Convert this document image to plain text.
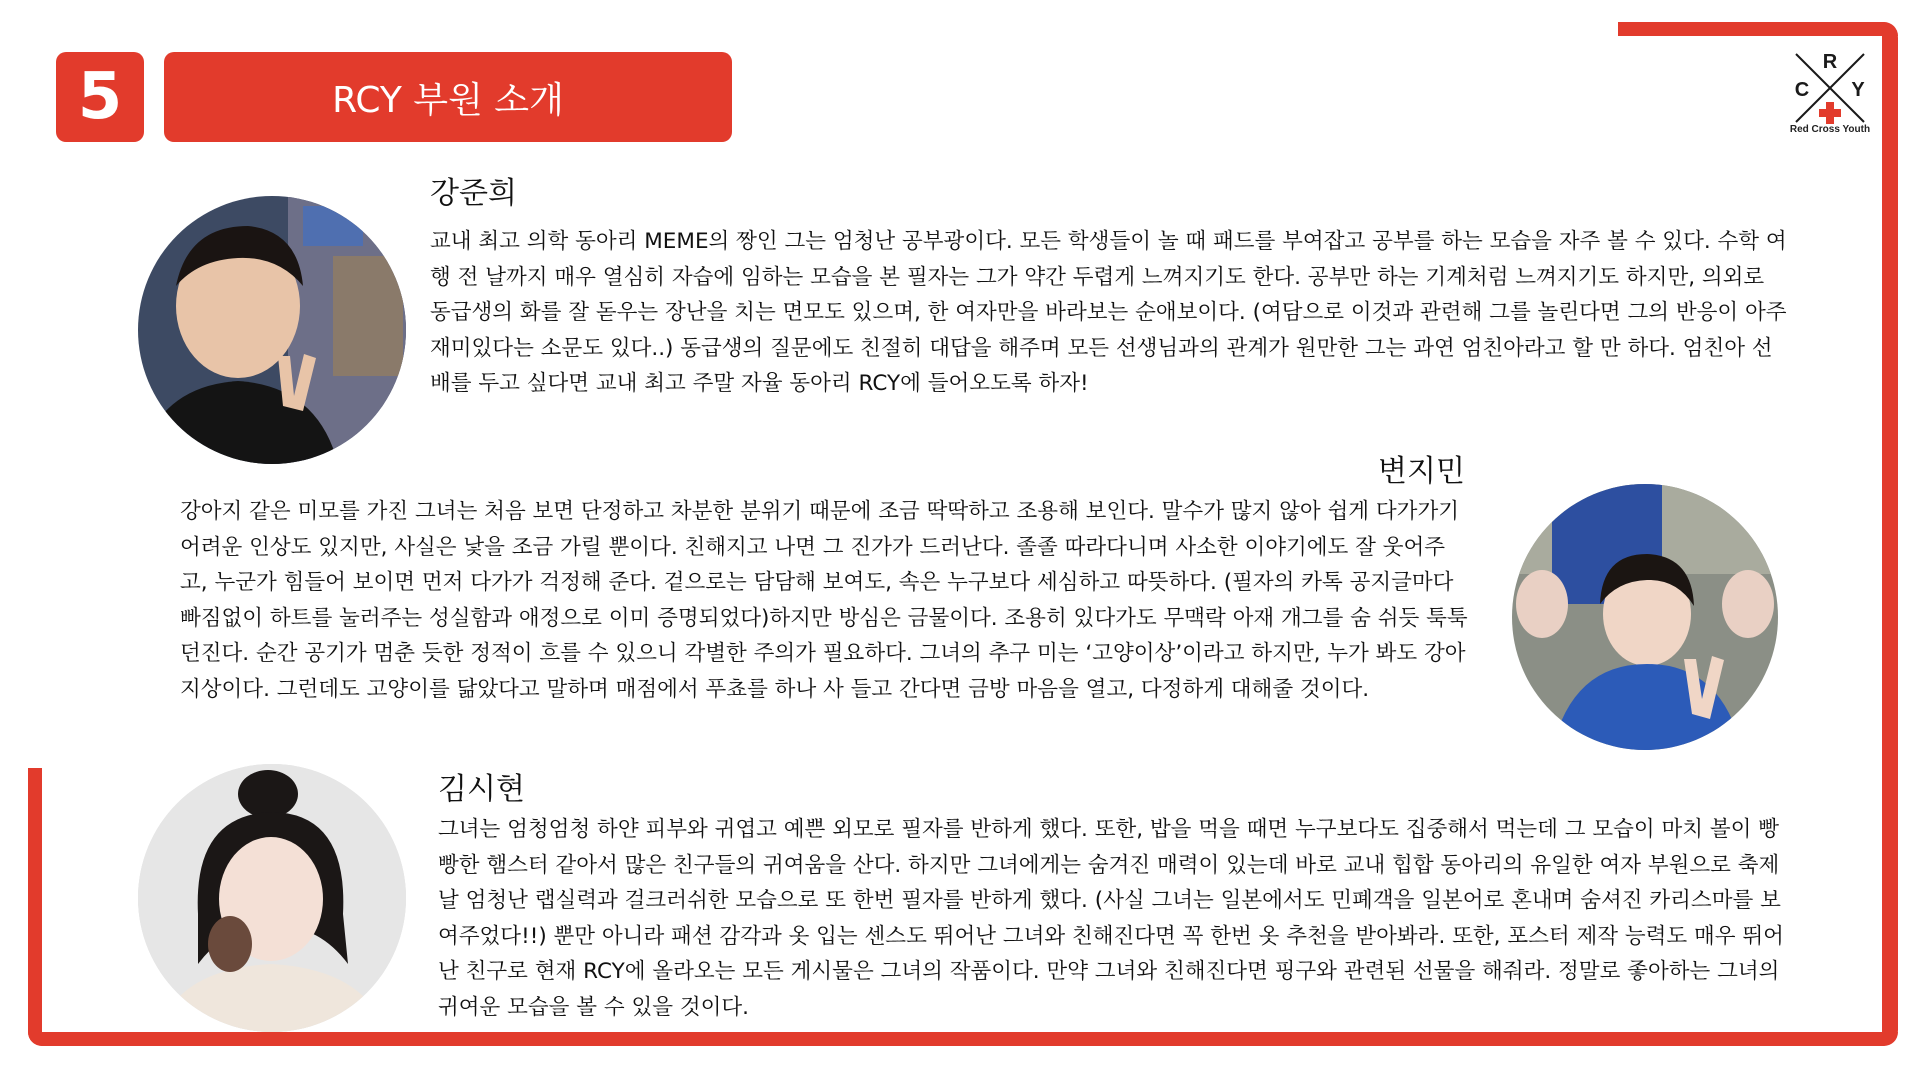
5	RCY 부원 소개
R
C Y
Red Cross Youth
강준희

교내 최고 의학 동아리 MEME의 짱인 그는 엄청난 공부광이다. 모든 학생들이 놀 때 패드를 부여잡고 공부를 하는 모습을 자주 볼 수 있다. 수학 여행 전 날까지 매우 열심히 자습에 임하는 모습을 본 필자는 그가 약간 두렵게 느껴지기도 한다. 공부만 하는 기계처럼 느껴지기도 하지만, 의외로 동급생의 화를 잘 돋우는 장난을 치는 면모도 있으며, 한 여자만을 바라보는 순애보이다. (여담으로 이것과 관련해 그를 놀린다면 그의 반응이 아주 재미있다는 소문도 있다..) 동급생의 질문에도 친절히 대답을 해주며 모든 선생님과의 관계가 원만한 그는 과연 엄친아라고 할 만 하다. 엄친아 선배를 두고 싶다면 교내 최고 주말 자율 동아리 RCY에 들어오도록 하자!

변지민

강아지 같은 미모를 가진 그녀는 처음 보면 단정하고 차분한 분위기 때문에 조금 딱딱하고 조용해 보인다. 말수가 많지 않아 쉽게 다가가기 어려운 인상도 있지만, 사실은 낯을 조금 가릴 뿐이다. 친해지고 나면 그 진가가 드러난다. 졸졸 따라다니며 사소한 이야기에도 잘 웃어주고, 누군가 힘들어 보이면 먼저 다가가 걱정해 준다. 겉으로는 담담해 보여도, 속은 누구보다 세심하고 따뜻하다. (필자의 카톡 공지글마다 빠짐없이 하트를 눌러주는 성실함과 애정으로 이미 증명되었다)하지만 방심은 금물이다. 조용히 있다가도 무맥락 아재 개그를 숨 쉬듯 툭툭 던진다. 순간 공기가 멈춘 듯한 정적이 흐를 수 있으니 각별한 주의가 필요하다. 그녀의 추구 미는 ‘고양이상’이라고 하지만, 누가 봐도 강아지상이다. 그런데도 고양이를 닮았다고 말하며 매점에서 푸쵸를 하나 사 들고 간다면 금방 마음을 열고, 다정하게 대해줄 것이다.

김시현

그녀는 엄청엄청 하얀 피부와 귀엽고 예쁜 외모로 필자를 반하게 했다. 또한, 밥을 먹을 때면 누구보다도 집중해서 먹는데 그 모습이 마치 볼이 빵빵한 햄스터 같아서 많은 친구들의 귀여움을 산다. 하지만 그녀에게는 숨겨진 매력이 있는데 바로 교내 힙합 동아리의 유일한 여자 부원으로 축제날 엄청난 랩실력과 걸크러쉬한 모습으로 또 한번 필자를 반하게 했다. (사실 그녀는 일본에서도 민폐객을 일본어로 혼내며 숨셔진 카리스마를 보여주었다!!) 뿐만 아니라 패션 감각과 옷 입는 센스도 뛰어난 그녀와 친해진다면 꼭 한번 옷 추천을 받아봐라. 또한, 포스터 제작 능력도 매우 뛰어난 친구로 현재 RCY에 올라오는 모든 게시물은 그녀의 작품이다. 만약 그녀와 친해진다면 핑구와 관련된 선물을 해줘라. 정말로 좋아하는 그녀의 귀여운 모습을 볼 수 있을 것이다.
